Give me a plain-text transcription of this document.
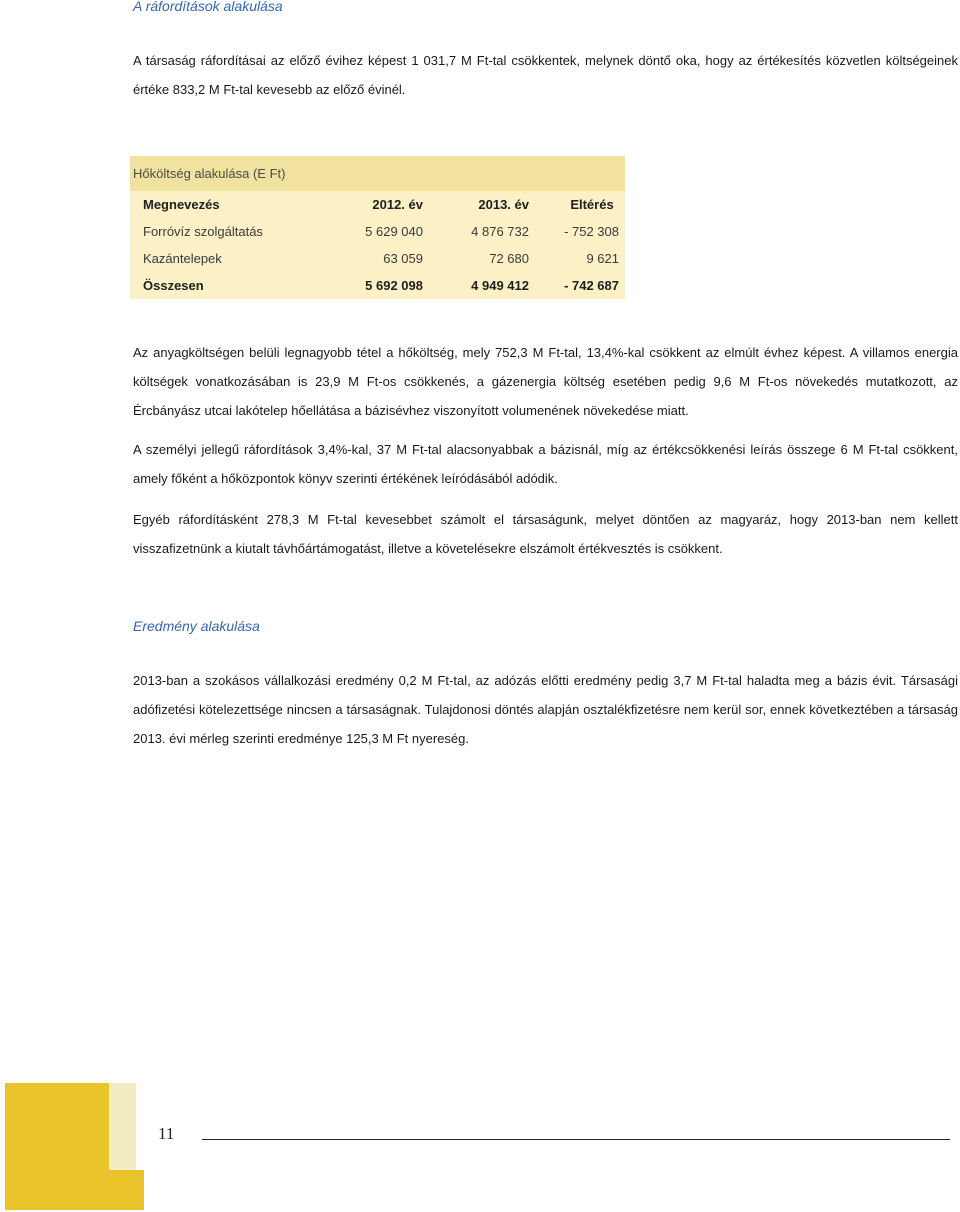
A ráfordítások alakulása

A társaság ráfordításai az előző évihez képest 1 031,7 M Ft-tal csökkentek, melynek döntő oka, hogy az értékesítés közvetlen költségeinek értéke 833,2 M Ft-tal kevesebb az előző évinél.

Hőköltség alakulása (E Ft)
Megnevezés	2012. év	2013. év	Eltérés
Forróvíz szolgáltatás	5 629 040	4 876 732	- 752 308
Kazántelepek	63 059	72 680	9 621
Összesen	5 692 098	4 949 412	- 742 687

Az anyagköltségen belüli legnagyobb tétel a hőköltség, mely 752,3 M Ft-tal, 13,4%-kal csökkent az elmúlt évhez képest. A villamos energia költségek vonatkozásában is 23,9 M Ft-os csökkenés, a gázenergia költség esetében pedig 9,6 M Ft-os növekedés mutatkozott, az Ércbányász utcai lakótelep hőellátása a bázisévhez viszonyított volumenének növekedése miatt.

A személyi jellegű ráfordítások 3,4%-kal, 37 M Ft-tal alacsonyabbak a bázisnál, míg az értékcsökkenési leírás összege 6 M Ft-tal csökkent, amely főként a hőközpontok könyv szerinti értékének leíródásából adódik.

Egyéb ráfordításként 278,3 M Ft-tal kevesebbet számolt el társaságunk, melyet döntően az magyaráz, hogy 2013-ban nem kellett visszafizetnünk a kiutalt távhőártámogatást, illetve a követelésekre elszámolt értékvesztés is csökkent.

Eredmény alakulása

2013-ban a szokásos vállalkozási eredmény 0,2 M Ft-tal, az adózás előtti eredmény pedig 3,7 M Ft-tal haladta meg a bázis évit. Társasági adófizetési kötelezettsége nincsen a társaságnak. Tulajdonosi döntés alapján osztalékfizetésre nem kerül sor, ennek következtében a társaság 2013. évi mérleg szerinti eredménye 125,3 M Ft nyereség.

11
